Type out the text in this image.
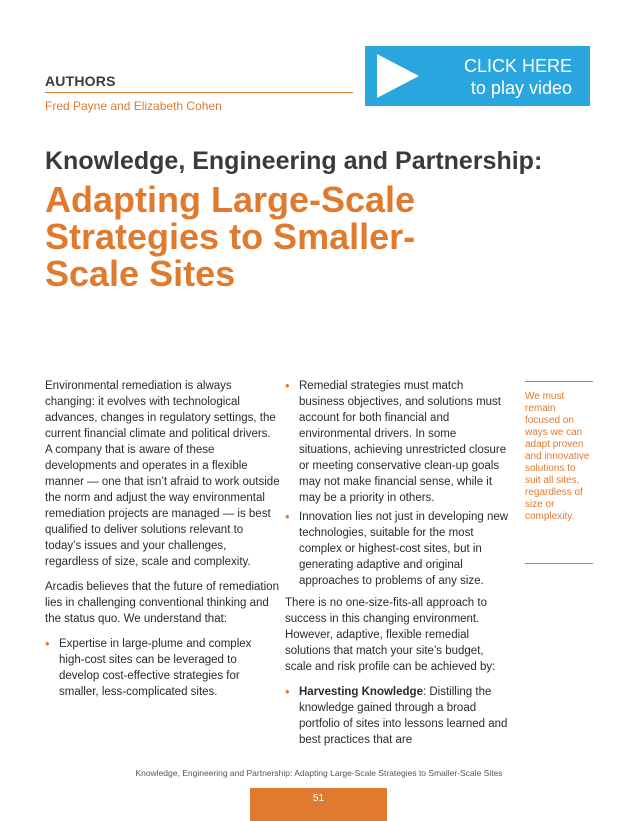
AUTHORS
Fred Payne and Elizabeth Cohen
CLICK HERE
to play video
Knowledge, Engineering and Partnership:
Adapting Large-Scale Strategies to Smaller-Scale Sites

Environmental remediation is always changing: it evolves with technological advances, changes in regulatory settings, the current financial climate and political drivers. A company that is aware of these developments and operates in a flexible manner — one that isn’t afraid to work outside the norm and adjust the way environmental remediation projects are managed — is best qualified to deliver solutions relevant to today’s issues and your challenges, regardless of size, scale and complexity.

Arcadis believes that the future of remediation lies in challenging conventional thinking and the status quo. We understand that:

• Expertise in large-plume and complex high-cost sites can be leveraged to develop cost-effective strategies for smaller, less-complicated sites.
• Remedial strategies must match business objectives, and solutions must account for both financial and environmental drivers. In some situations, achieving unrestricted closure or meeting conservative clean-up goals may not make financial sense, while it may be a priority in others.
• Innovation lies not just in developing new technologies, suitable for the most complex or highest-cost sites, but in generating adaptive and original approaches to problems of any size.

There is no one-size-fits-all approach to success in this changing environment. However, adaptive, flexible remedial solutions that match your site’s budget, scale and risk profile can be achieved by:

• Harvesting Knowledge: Distilling the knowledge gained through a broad portfolio of sites into lessons learned and best practices that are
We must remain focused on ways we can adapt proven and innovative solutions to suit all sites, regardless of size or complexity.
Knowledge, Engineering and Partnership: Adapting Large-Scale Strategies to Smaller-Scale Sites
51
